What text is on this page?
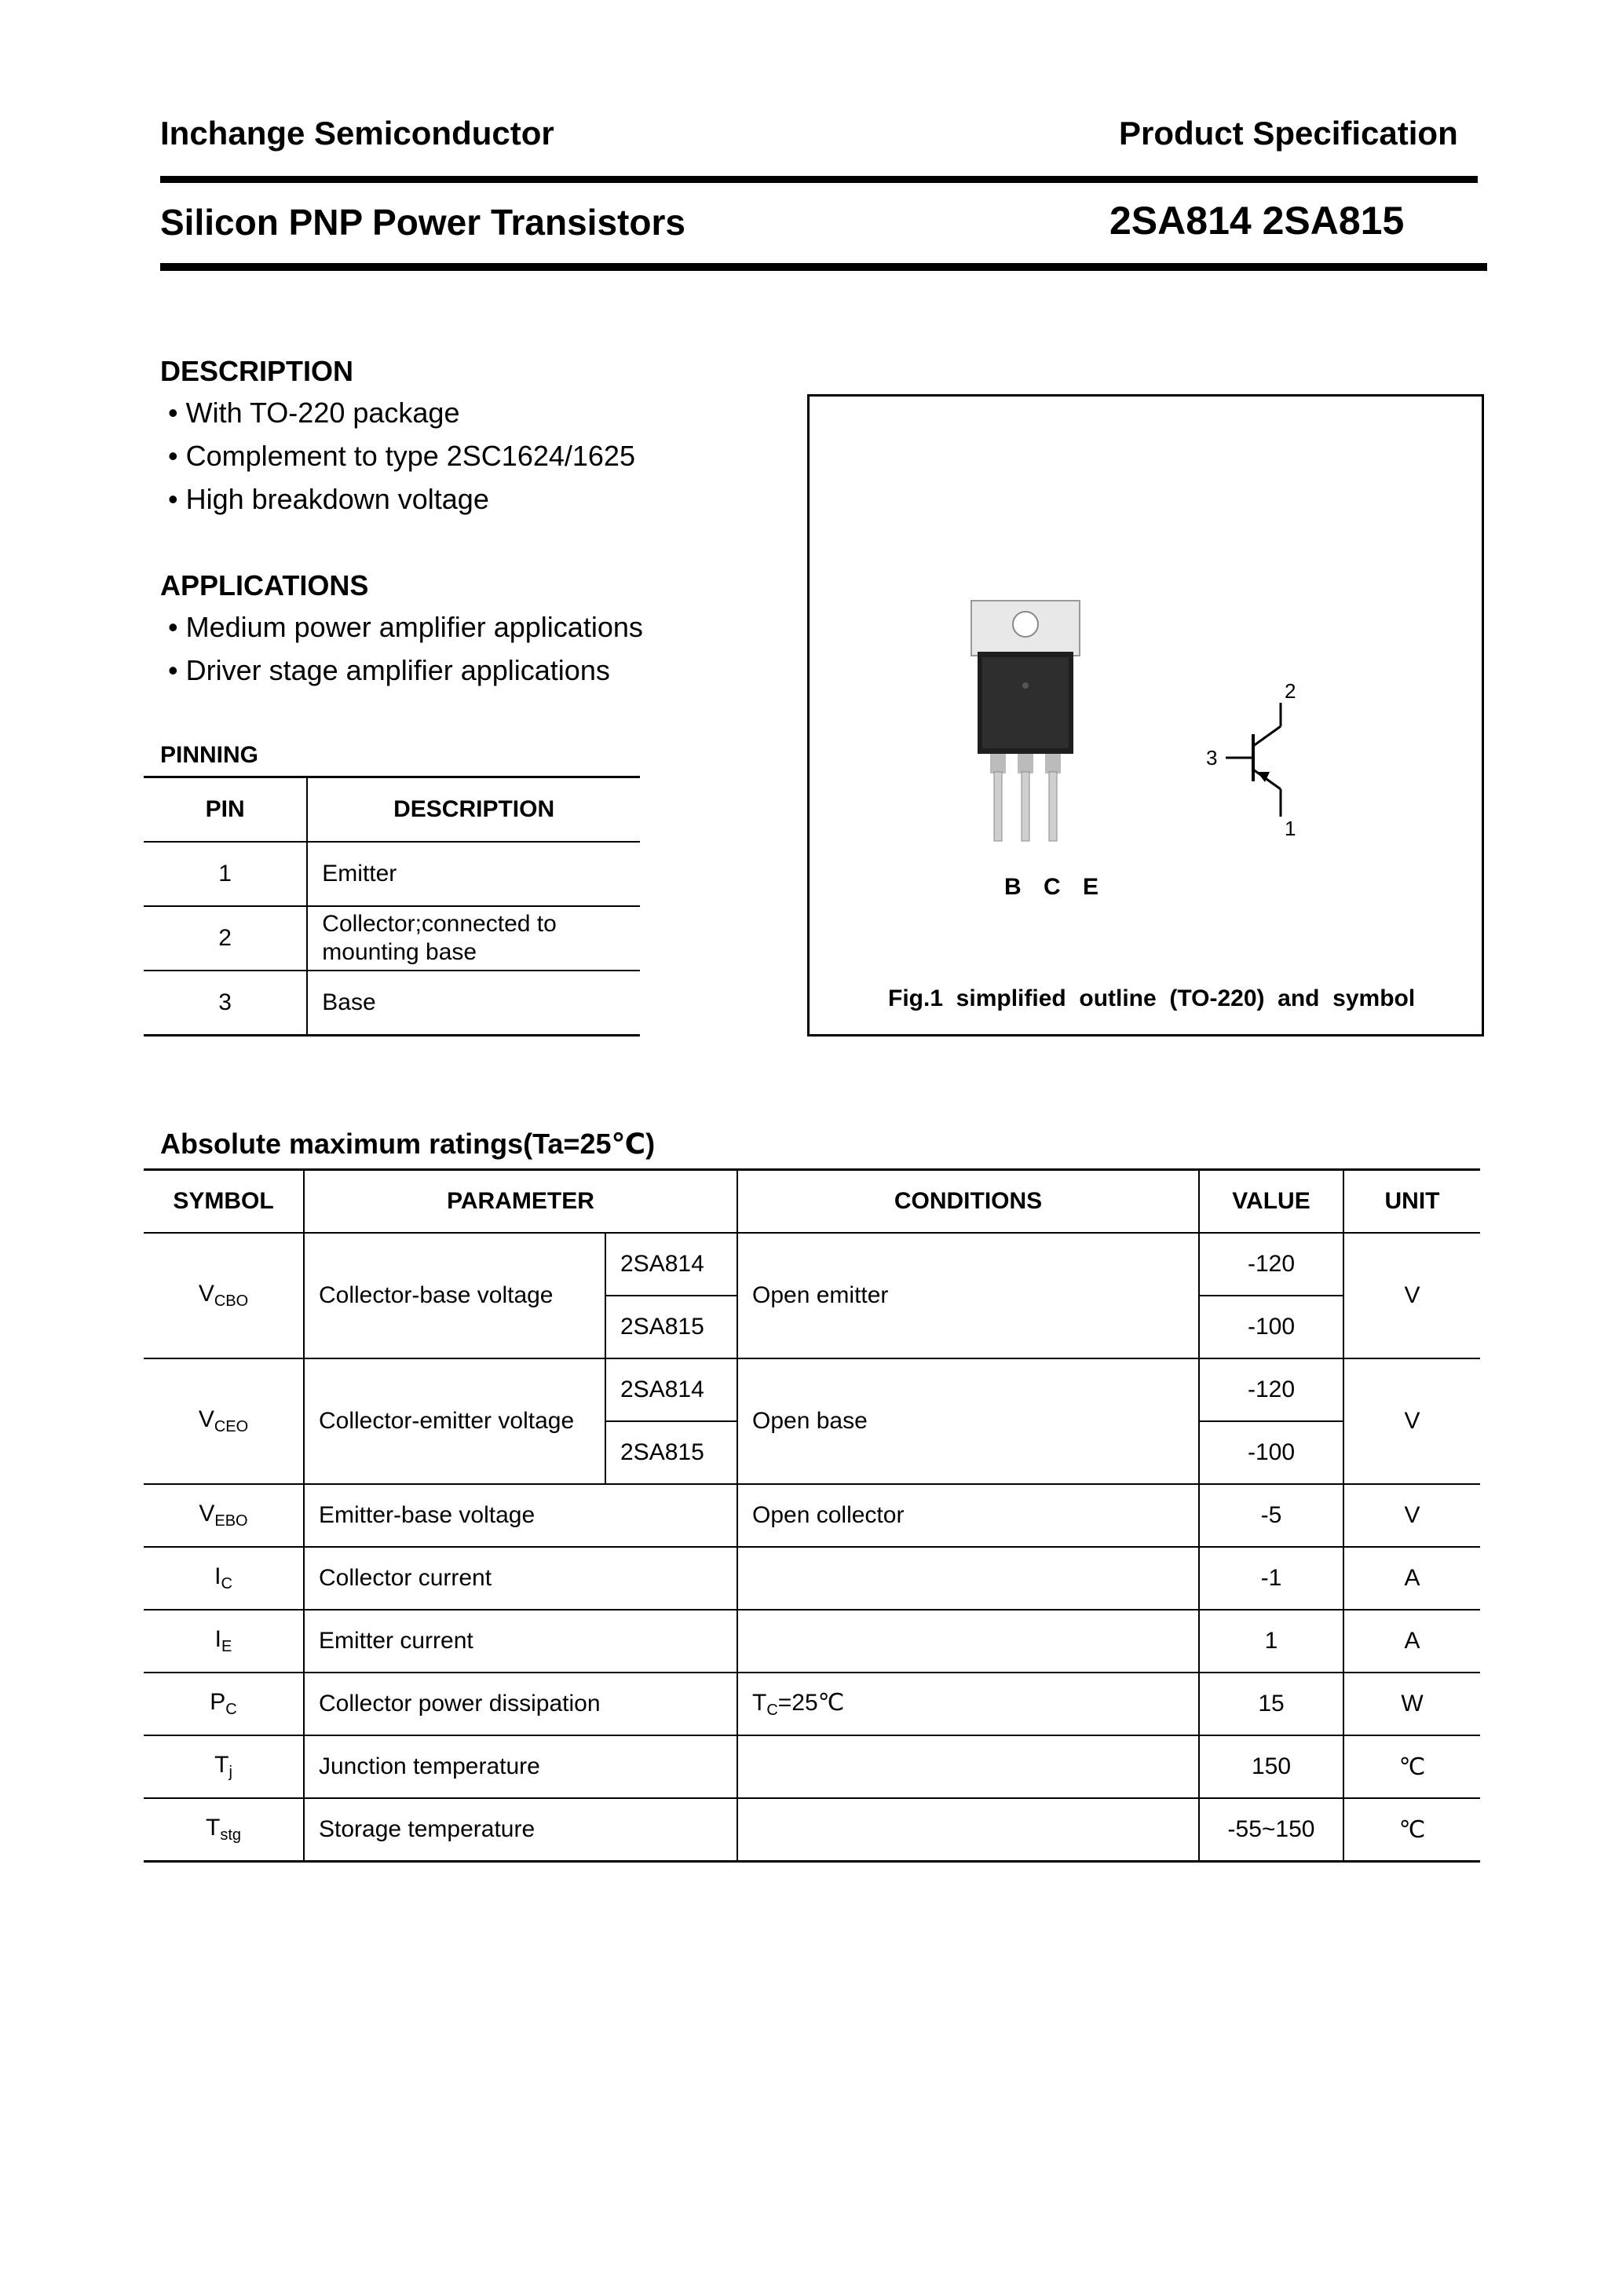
Inchange Semiconductor	Product Specification
Silicon PNP Power Transistors	2SA814 2SA815
DESCRIPTION
• With TO-220 package
• Complement to type 2SC1624/1625
• High breakdown voltage
APPLICATIONS
• Medium power amplifier applications
• Driver stage amplifier applications
PINNING
PIN	DESCRIPTION
1	Emitter
2	Collector;connected to mounting base
3	Base
B C E
2
3
1
Fig.1  simplified  outline  (TO-220)  and  symbol
Absolute maximum ratings(Ta=25℃)
SYMBOL	PARAMETER		CONDITIONS	VALUE	UNIT
$V_{CBO}$	Collector-base voltage	2SA814	Open emitter	-120	V
		2SA815		-100	
$V_{CEO}$	Collector-emitter voltage	2SA814	Open base	-120	V
		2SA815		-100	
$V_{EBO}$	Emitter-base voltage		Open collector	-5	V
$I_C$	Collector current			-1	A
$I_E$	Emitter current			1	A
$P_C$	Collector power dissipation		$T_C=25℃$	15	W
$T_j$	Junction temperature			150	℃
$T_{stg}$	Storage temperature			-55~150	℃
